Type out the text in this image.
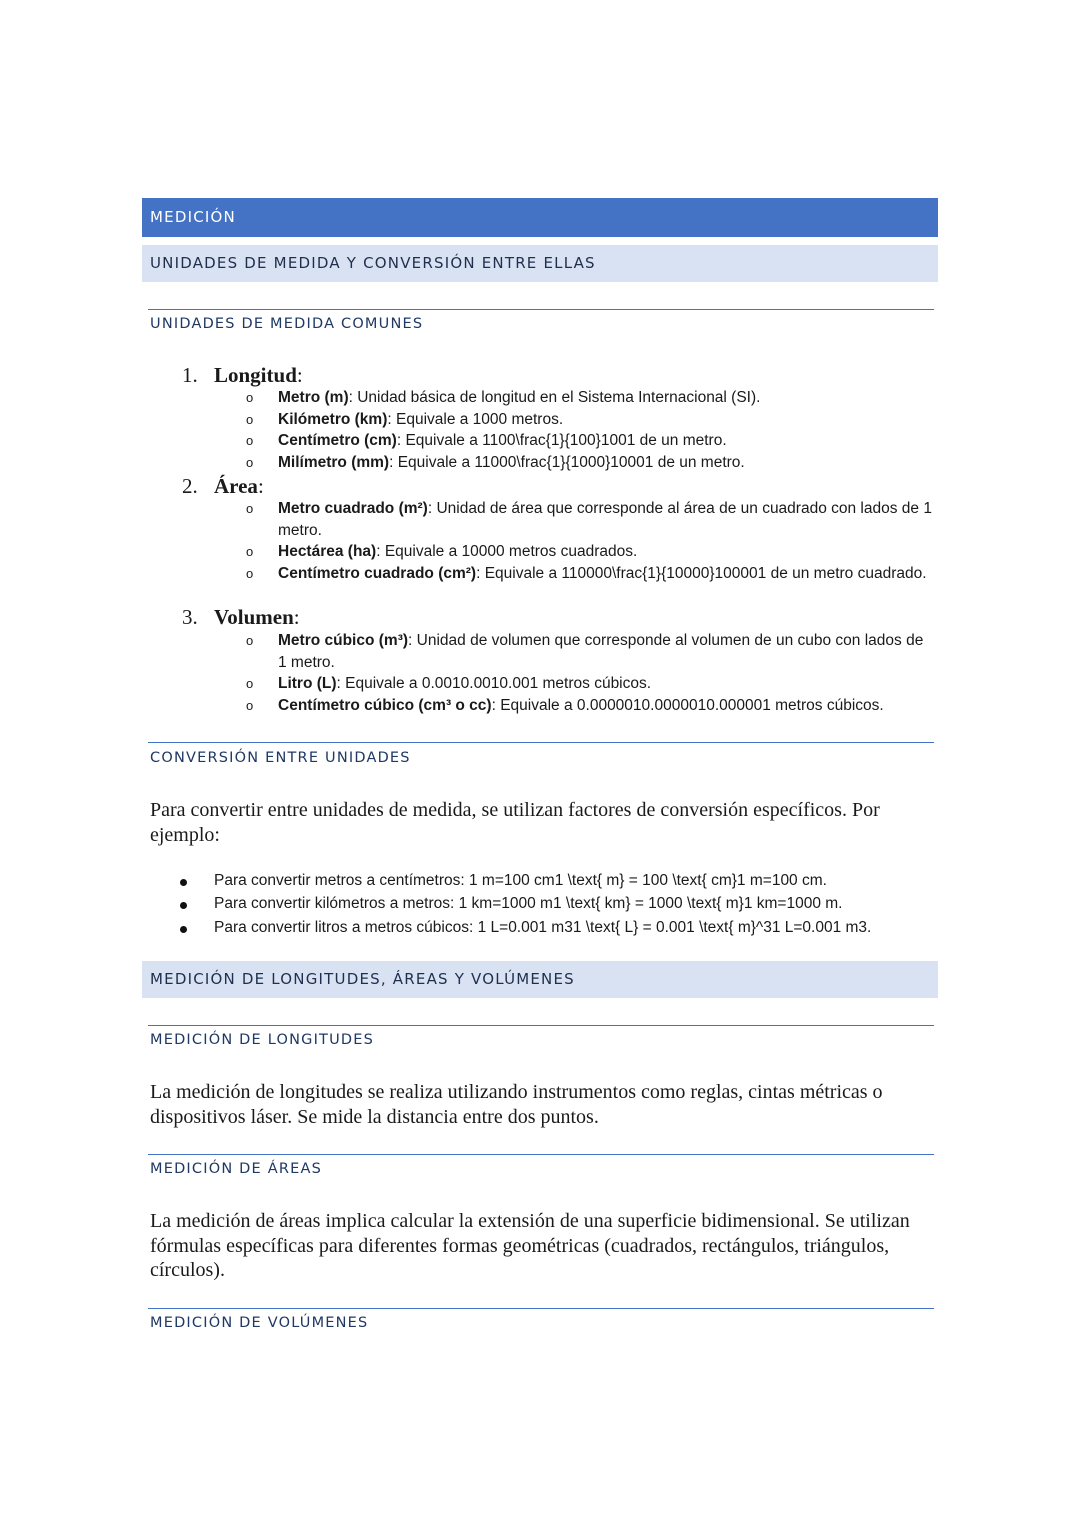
MEDICIÓN
UNIDADES DE MEDIDA Y CONVERSIÓN ENTRE ELLAS
UNIDADES DE MEDIDA COMUNES
1. Longitud:
o Metro (m): Unidad básica de longitud en el Sistema Internacional (SI).
o Kilómetro (km): Equivale a 1000 metros.
o Centímetro (cm): Equivale a 1100\frac{1}{100}1001 de un metro.
o Milímetro (mm): Equivale a 11000\frac{1}{1000}10001 de un metro.
2. Área:
o Metro cuadrado (m²): Unidad de área que corresponde al área de un cuadrado con lados de 1 metro.
o Hectárea (ha): Equivale a 10000 metros cuadrados.
o Centímetro cuadrado (cm²): Equivale a 110000\frac{1}{10000}100001 de un metro cuadrado.
3. Volumen:
o Metro cúbico (m³): Unidad de volumen que corresponde al volumen de un cubo con lados de 1 metro.
o Litro (L): Equivale a 0.0010.0010.001 metros cúbicos.
o Centímetro cúbico (cm³ o cc): Equivale a 0.0000010.0000010.000001 metros cúbicos.
CONVERSIÓN ENTRE UNIDADES
Para convertir entre unidades de medida, se utilizan factores de conversión específicos. Por ejemplo:
Para convertir metros a centímetros: 1 m=100 cm1 \text{ m} = 100 \text{ cm}1 m=100 cm.
Para convertir kilómetros a metros: 1 km=1000 m1 \text{ km} = 1000 \text{ m}1 km=1000 m.
Para convertir litros a metros cúbicos: 1 L=0.001 m31 \text{ L} = 0.001 \text{ m}^31 L=0.001 m3.
MEDICIÓN DE LONGITUDES, ÁREAS Y VOLÚMENES
MEDICIÓN DE LONGITUDES
La medición de longitudes se realiza utilizando instrumentos como reglas, cintas métricas o dispositivos láser. Se mide la distancia entre dos puntos.
MEDICIÓN DE ÁREAS
La medición de áreas implica calcular la extensión de una superficie bidimensional. Se utilizan fórmulas específicas para diferentes formas geométricas (cuadrados, rectángulos, triángulos, círculos).
MEDICIÓN DE VOLÚMENES
